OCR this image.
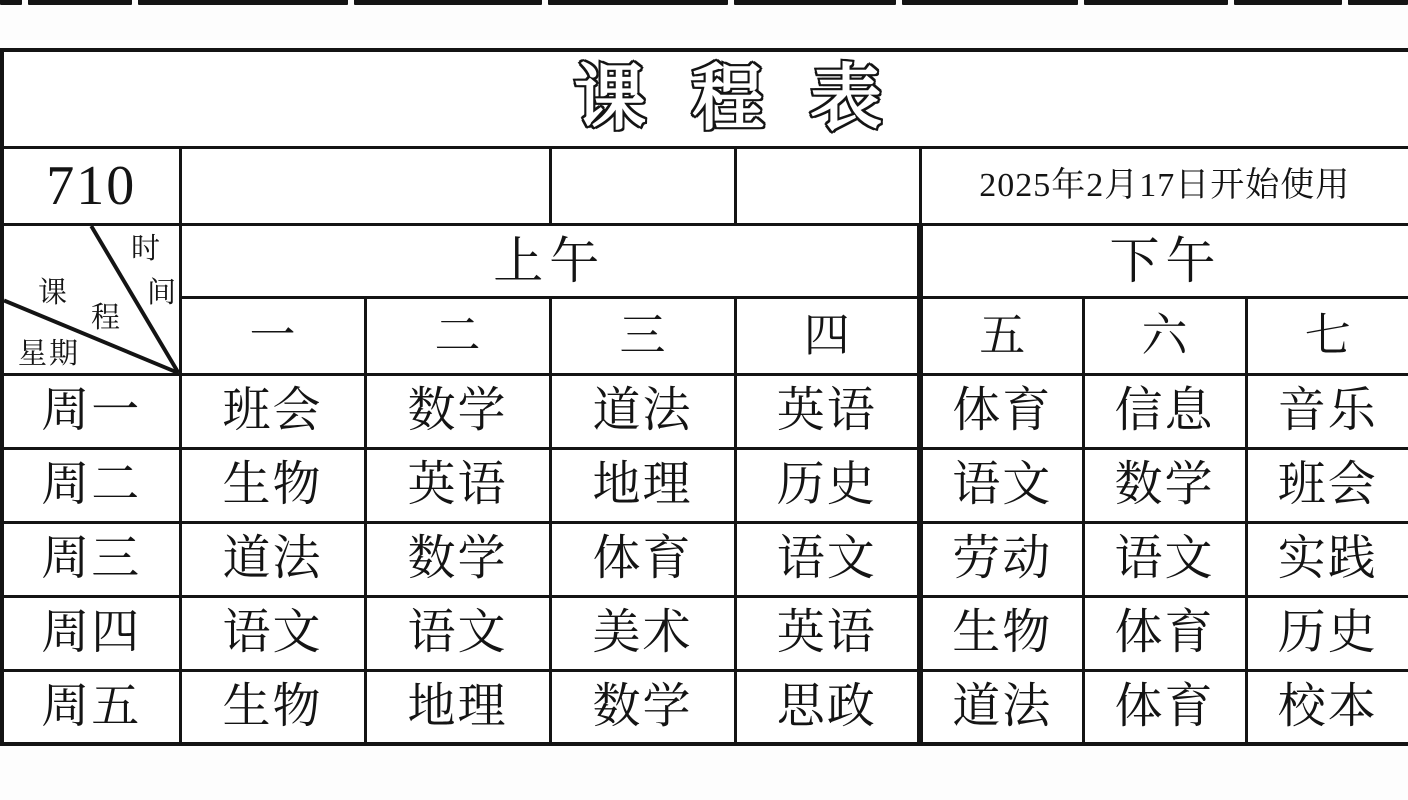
课程表							

710					2025年2月17日开始使用		

时
间
课
程
星期	上午				下午		
	一	二	三	四	五	六	七
周一	班会	数学	道法	英语	体育	信息	音乐
周二	生物	英语	地理	历史	语文	数学	班会
周三	道法	数学	体育	语文	劳动	语文	实践
周四	语文	语文	美术	英语	生物	体育	历史
周五	生物	地理	数学	思政	道法	体育	校本
